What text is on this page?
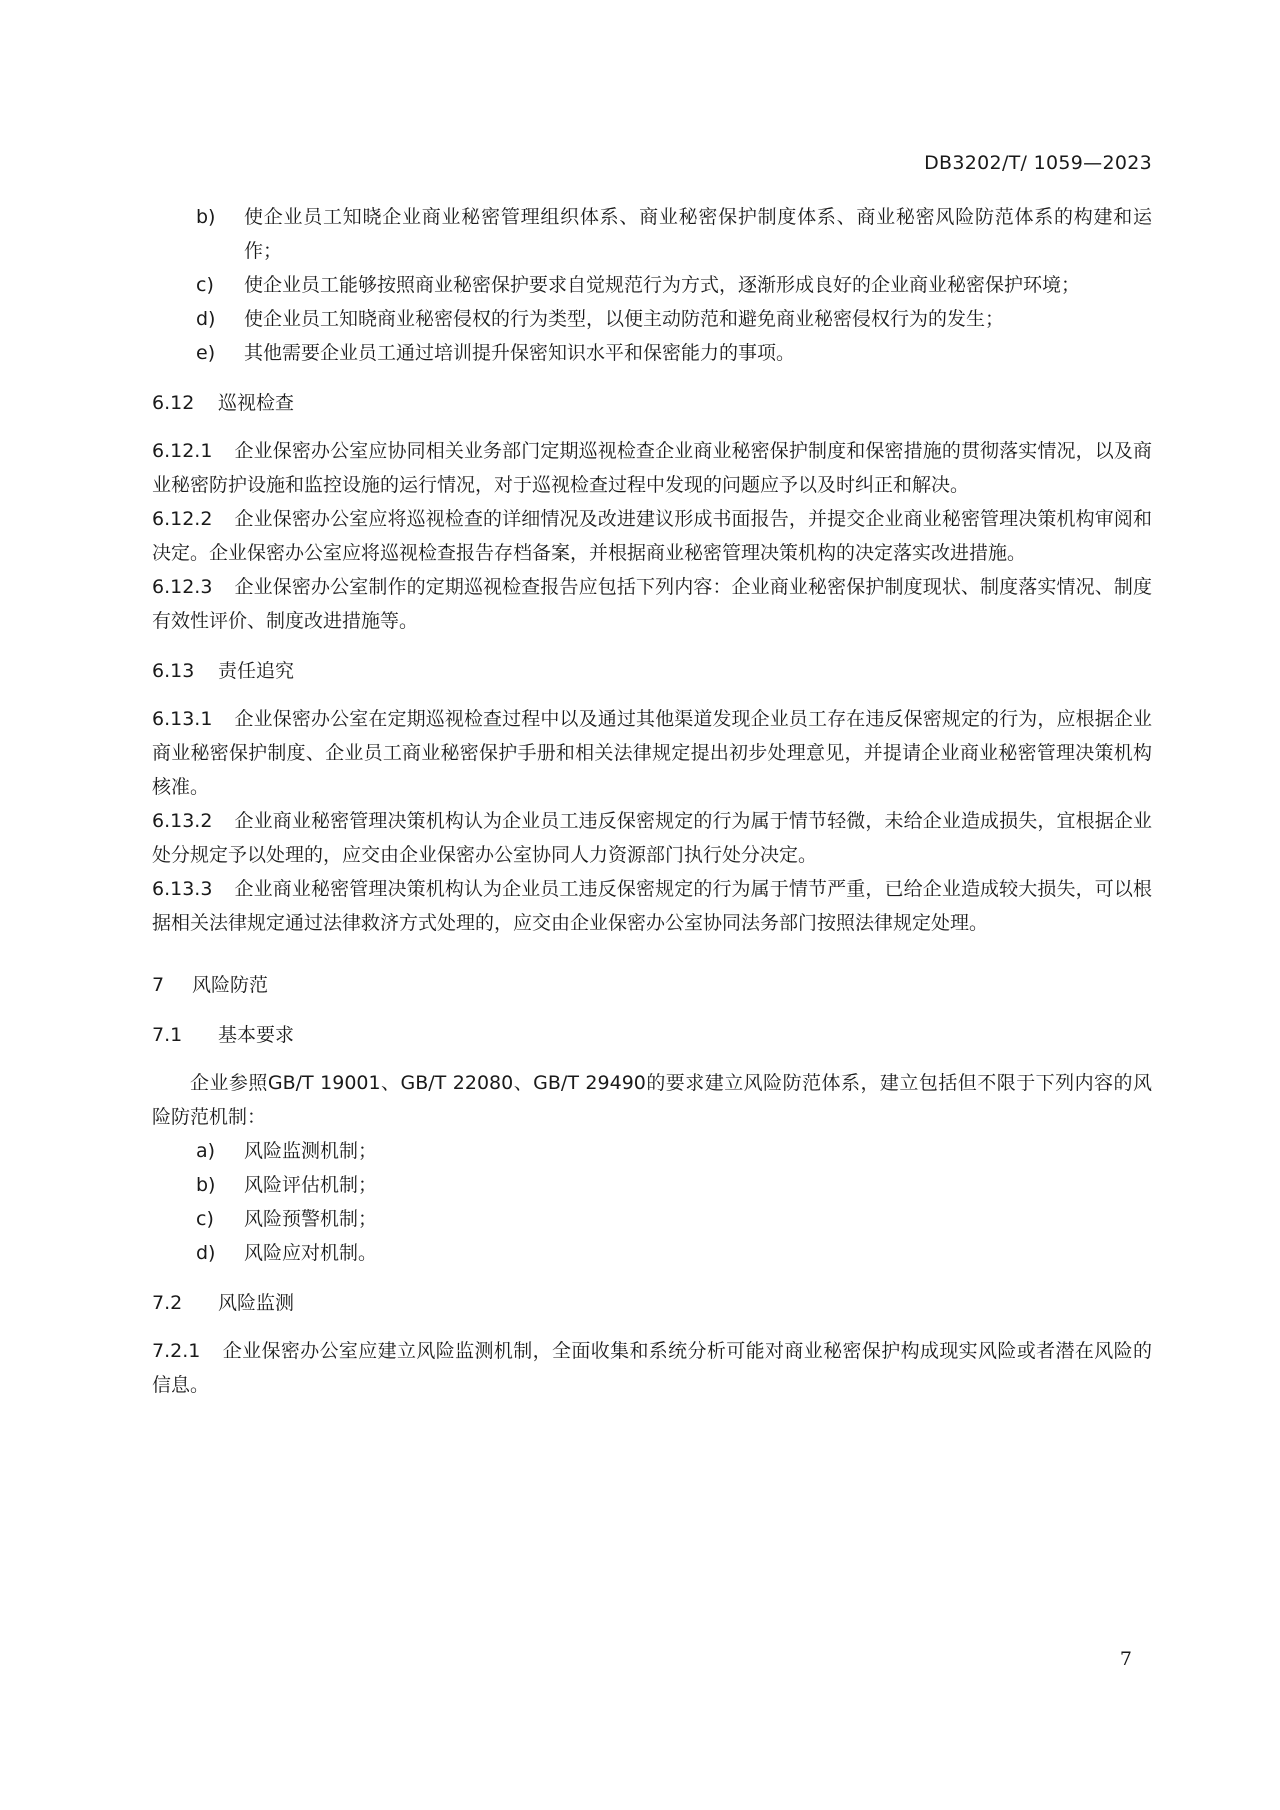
DB3202/T/ 1059—2023
b)	使企业员工知晓企业商业秘密管理组织体系、商业秘密保护制度体系、商业秘密风险防范体系的构建和运作；
c)	使企业员工能够按照商业秘密保护要求自觉规范行为方式，逐渐形成良好的企业商业秘密保护环境；
d)	使企业员工知晓商业秘密侵权的行为类型，以便主动防范和避免商业秘密侵权行为的发生；
e)	其他需要企业员工通过培训提升保密知识水平和保密能力的事项。
6.12 巡视检查

6.12.1 企业保密办公室应协同相关业务部门定期巡视检查企业商业秘密保护制度和保密措施的贯彻落实情况，以及商业秘密防护设施和监控设施的运行情况，对于巡视检查过程中发现的问题应予以及时纠正和解决。

6.12.2 企业保密办公室应将巡视检查的详细情况及改进建议形成书面报告，并提交企业商业秘密管理决策机构审阅和决定。企业保密办公室应将巡视检查报告存档备案，并根据商业秘密管理决策机构的决定落实改进措施。

6.12.3 企业保密办公室制作的定期巡视检查报告应包括下列内容：企业商业秘密保护制度现状、制度落实情况、制度有效性评价、制度改进措施等。

6.13 责任追究

6.13.1 企业保密办公室在定期巡视检查过程中以及通过其他渠道发现企业员工存在违反保密规定的行为，应根据企业商业秘密保护制度、企业员工商业秘密保护手册和相关法律规定提出初步处理意见，并提请企业商业秘密管理决策机构核准。

6.13.2 企业商业秘密管理决策机构认为企业员工违反保密规定的行为属于情节轻微，未给企业造成损失，宜根据企业处分规定予以处理的，应交由企业保密办公室协同人力资源部门执行处分决定。

6.13.3 企业商业秘密管理决策机构认为企业员工违反保密规定的行为属于情节严重，已给企业造成较大损失，可以根据相关法律规定通过法律救济方式处理的，应交由企业保密办公室协同法务部门按照法律规定处理。

7 风险防范
7.1 基本要求

企业参照GB/T 19001、GB/T 22080、GB/T 29490的要求建立风险防范体系，建立包括但不限于下列内容的风险防范机制：

a)	风险监测机制；
b)	风险评估机制；
c)	风险预警机制；
d)	风险应对机制。
7.2 风险监测

7.2.1 企业保密办公室应建立风险监测机制，全面收集和系统分析可能对商业秘密保护构成现实风险或者潜在风险的信息。

7
